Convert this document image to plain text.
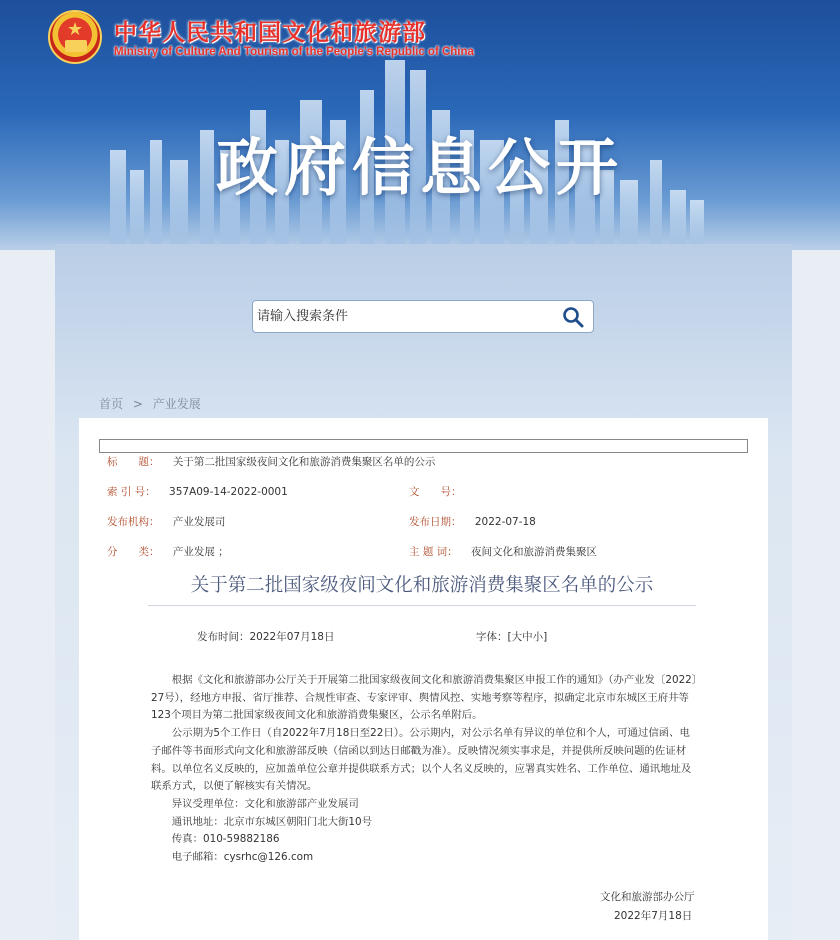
★ 中华人民共和国文化和旅游部
Ministry of Culture And Tourism of the People’s Republic of China
政府信息公开
请输入搜索条件
首页 > 产业发展
标　　题： 关于第二批国家级夜间文化和旅游消费集聚区名单的公示
索 引 号： 357A09-14-2022-0001	文　　号：
发布机构： 产业发展司	发布日期： 2022-07-18
分　　类： 产业发展 ；	主 题 词： 夜间文化和旅游消费集聚区
关于第二批国家级夜间文化和旅游消费集聚区名单的公示
发布时间：2022年07月18日	字体：[大中小]

根据《文化和旅游部办公厅关于开展第二批国家级夜间文化和旅游消费集聚区申报工作的通知》（办产业发〔2022〕27号），经地方申报、省厅推荐、合规性审查、专家评审、舆情风控、实地考察等程序，拟确定北京市东城区王府井等123个项目为第二批国家级夜间文化和旅游消费集聚区，公示名单附后。

公示期为5个工作日（自2022年7月18日至22日）。公示期内，对公示名单有异议的单位和个人，可通过信函、电子邮件等书面形式向文化和旅游部反映（信函以到达日邮戳为准）。反映情况须实事求是，并提供所反映问题的佐证材料。以单位名义反映的，应加盖单位公章并提供联系方式；以个人名义反映的，应署真实姓名、工作单位、通讯地址及联系方式，以便了解核实有关情况。

异议受理单位：文化和旅游部产业发展司

通讯地址：北京市东城区朝阳门北大街10号

传真：010-59882186

电子邮箱：cysrhc@126.com

文化和旅游部办公厅
2022年7月18日
